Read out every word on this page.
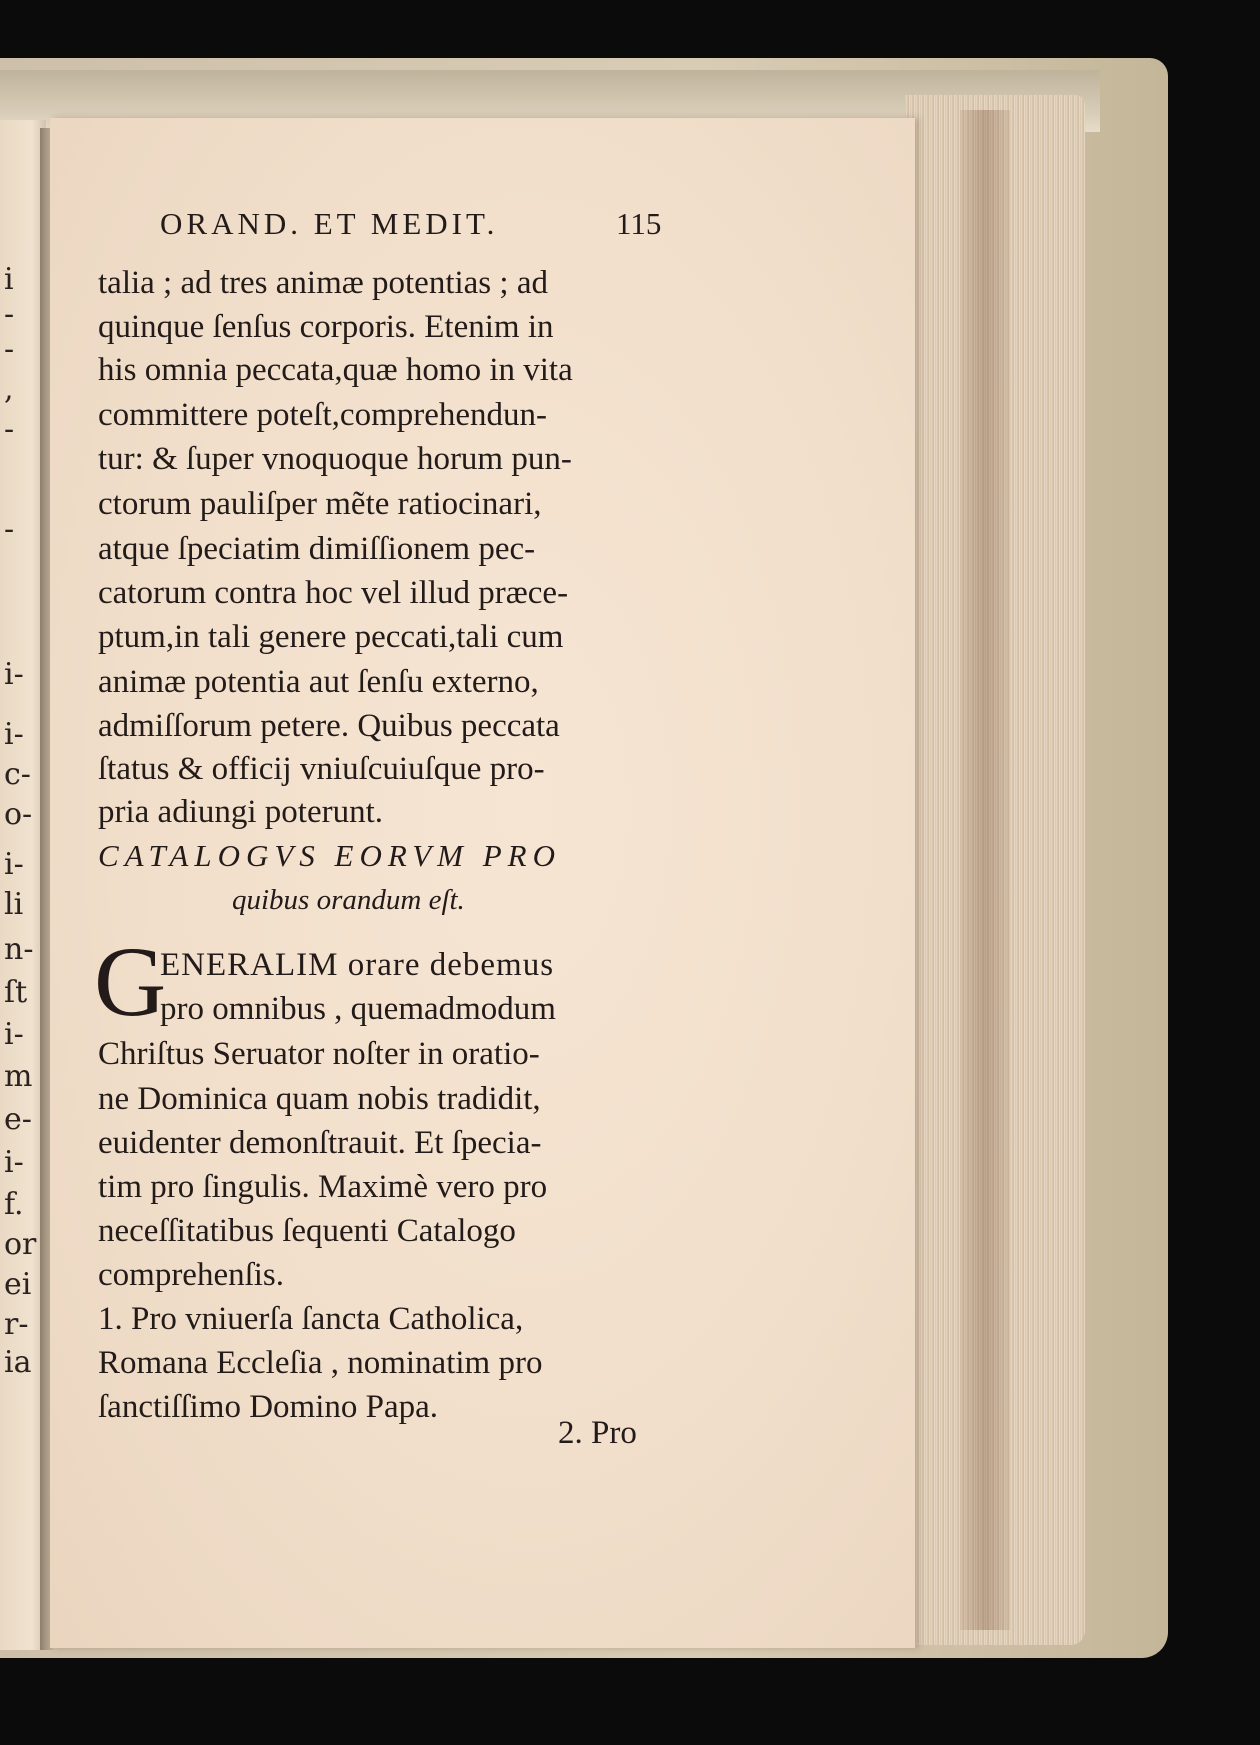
i
-
-
,
-
-
i-
i-
c-
o-
i-
li
n-
ſt
i-
m
e-
i-
f.
or
ei
r-
ia
ORAND. ET MEDIT.	115
talia ; ad tres animæ potentias ; ad
quinque ſenſus corporis. Etenim in
his omnia peccata,quæ homo in vita
committere poteſt,comprehendun-
tur: & ſuper vnoquoque horum pun-
ctorum pauliſper mẽte ratiocinari,
atque ſpeciatim dimiſſionem pec-
catorum contra hoc vel illud præce-
ptum,in tali genere peccati,tali cum
animæ potentia aut ſenſu externo,
admiſſorum petere. Quibus peccata
ſtatus & officij vniuſcuiuſque pro-
pria adiungi poterunt.
CATALOGVS EORVM PRO
quibus orandum eſt.
G
ENERALIM orare debemus
pro omnibus , quemadmodum
Chriſtus Seruator noſter in oratio-
ne Dominica quam nobis tradidit,
euidenter demonſtrauit. Et ſpecia-
tim pro ſingulis. Maximè vero pro
neceſſitatibus ſequenti Catalogo
comprehenſis.
1. Pro vniuerſa ſancta Catholica,
Romana Eccleſia , nominatim pro
ſanctiſſimo Domino Papa.
2. Pro
